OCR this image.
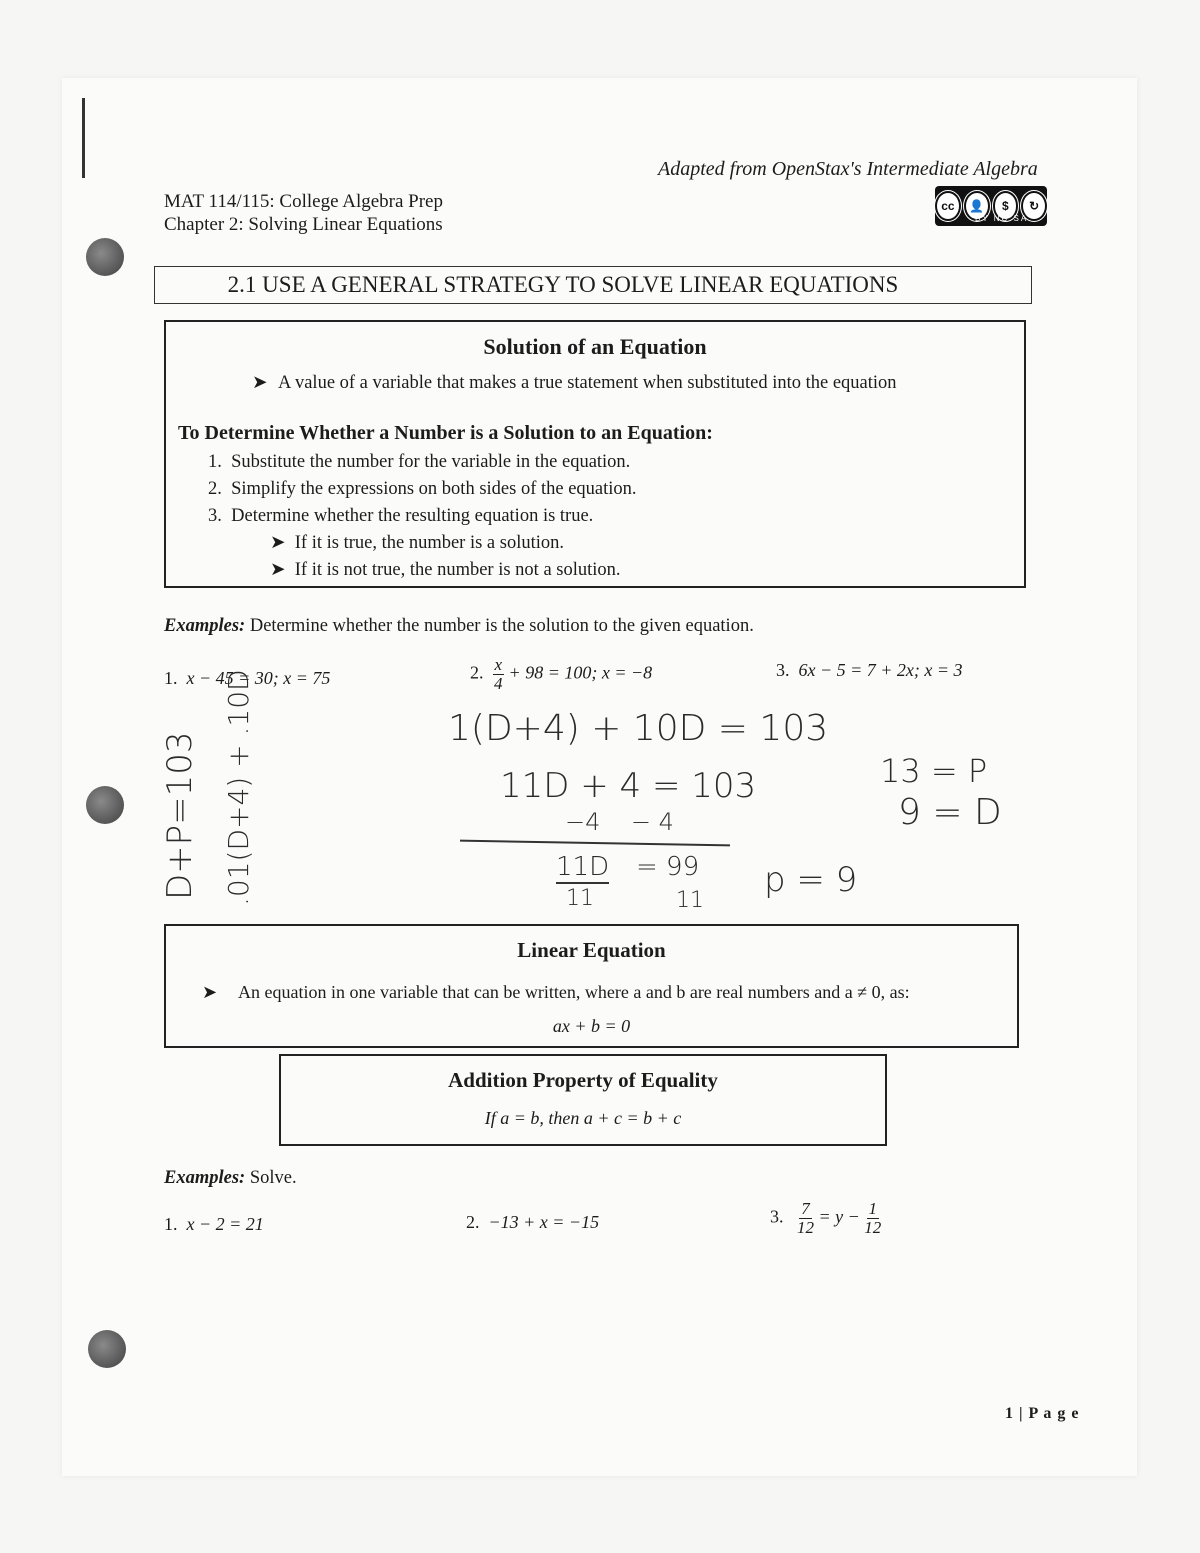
Adapted from OpenStax's Intermediate Algebra
MAT 114/115: College Algebra Prep
Chapter 2: Solving Linear Equations
cc	👤	$	↻
BY NC SA
2.1 USE A GENERAL STRATEGY TO SOLVE LINEAR EQUATIONS
Solution of an Equation
➤ A value of a variable that makes a true statement when substituted into the equation
To Determine Whether a Number is a Solution to an Equation:
1.  Substitute the number for the variable in the equation.
2.  Simplify the expressions on both sides of the equation.
3.  Determine whether the resulting equation is true.
➤ If it is true, the number is a solution.
➤ If it is not true, the number is not a solution.
Examples: Determine whether the number is the solution to the given equation.
1. x − 45 = 30; x = 75	2. $\frac{x}{4} + 98 = 100$; x = −8	3. 6x − 5 = 7 + 2x; x = 3
D+P=103 .01(D+4) + .10D	1(D+4) + 10D = 103
11D + 4 = 103
−4    − 4
11D = 99
11	11
p = 9
13 = P
9 = D
Linear Equation
➤ An equation in one variable that can be written, where a and b are real numbers and a ≠ 0, as:
ax + b = 0
Addition Property of Equality
If a = b, then a + c = b + c
Examples: Solve.
1. x − 2 = 21	2. −13 + x = −15	3. $\frac{7}{12} = y - \frac{1}{12}$
1 | P a g e
